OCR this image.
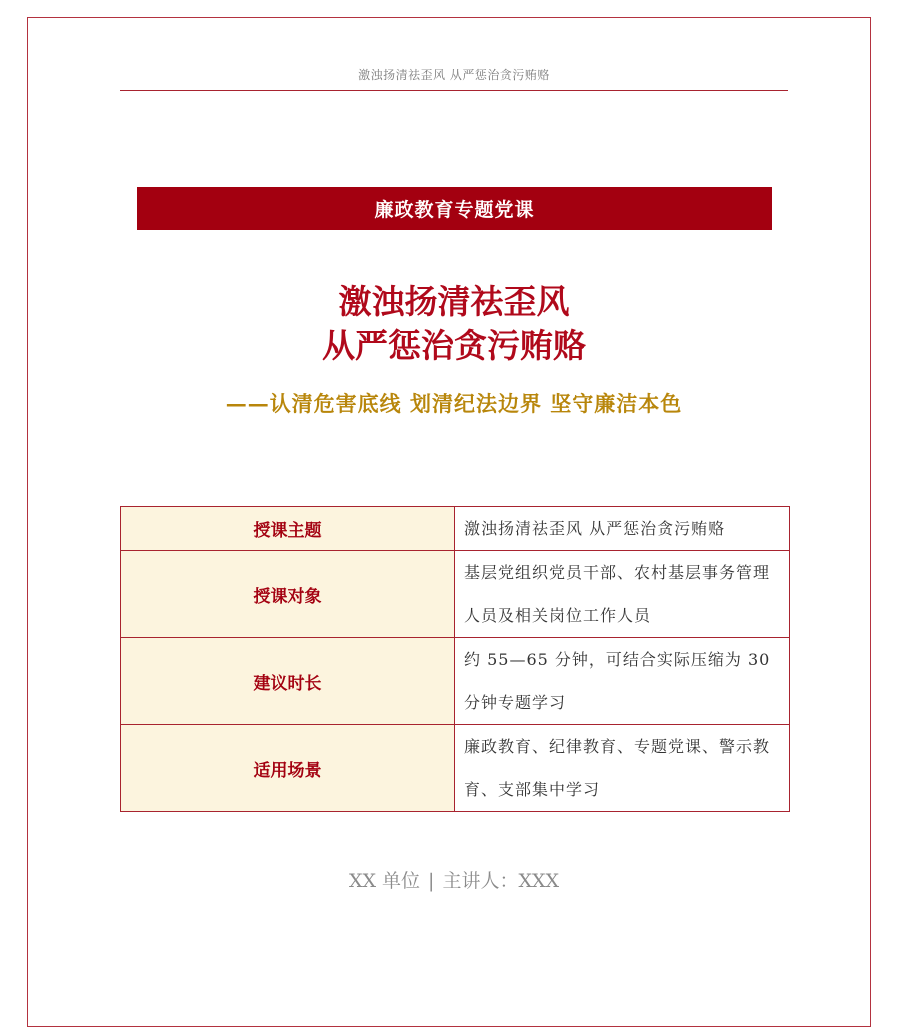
激浊扬清祛歪风 从严惩治贪污贿赂
廉政教育专题党课
激浊扬清祛歪风
从严惩治贪污贿赂
——认清危害底线 划清纪法边界 坚守廉洁本色
授课主题	激浊扬清祛歪风 从严惩治贪污贿赂
授课对象	基层党组织党员干部、农村基层事务管理人员及相关岗位工作人员
建议时长	约 55—65 分钟，可结合实际压缩为 30 分钟专题学习
适用场景	廉政教育、纪律教育、专题党课、警示教育、支部集中学习
XX 单位 | 主讲人：XXX
